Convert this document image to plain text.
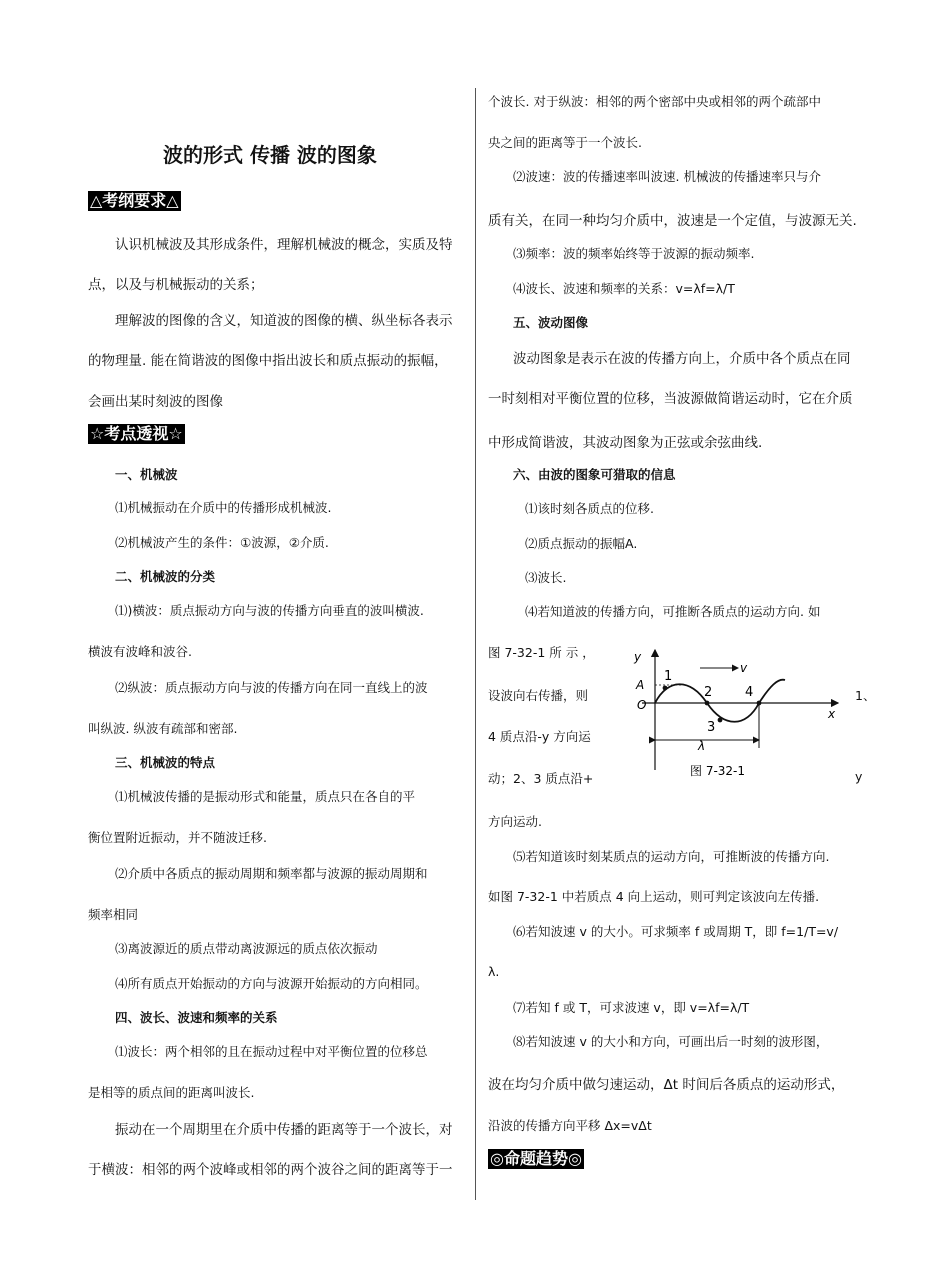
波的形式 传播 波的图象
△考纲要求△
认识机械波及其形成条件，理解机械波的概念，实质及特
点，以及与机械振动的关系；
理解波的图像的含义，知道波的图像的横、纵坐标各表示
的物理量. 能在简谐波的图像中指出波长和质点振动的振幅，
会画出某时刻波的图像
☆考点透视☆
一、机械波
⑴机械振动在介质中的传播形成机械波.
⑵机械波产生的条件：①波源，②介质.
二、机械波的分类
⑴)横波：质点振动方向与波的传播方向垂直的波叫横波.
横波有波峰和波谷.
⑵纵波：质点振动方向与波的传播方向在同一直线上的波
叫纵波. 纵波有疏部和密部.
三、机械波的特点
⑴机械波传播的是振动形式和能量，质点只在各自的平
衡位置附近振动，并不随波迁移.
⑵介质中各质点的振动周期和频率都与波源的振动周期和
频率相同
⑶离波源近的质点带动离波源远的质点依次振动
⑷所有质点开始振动的方向与波源开始振动的方向相同。
四、波长、波速和频率的关系
⑴波长：两个相邻的且在振动过程中对平衡位置的位移总
是相等的质点间的距离叫波长.
振动在一个周期里在介质中传播的距离等于一个波长，对
于横波：相邻的两个波峰或相邻的两个波谷之间的距离等于一
个波长. 对于纵波：相邻的两个密部中央或相邻的两个疏部中
央之间的距离等于一个波长.
⑵波速：波的传播速率叫波速. 机械波的传播速率只与介
质有关，在同一种均匀介质中，波速是一个定值，与波源无关.
⑶频率：波的频率始终等于波源的振动频率.
⑷波长、波速和频率的关系：v=λf=λ/T
五、波动图像
波动图象是表示在波的传播方向上，介质中各个质点在同
一时刻相对平衡位置的位移，当波源做简谐运动时，它在介质
中形成简谐波，其波动图象为正弦或余弦曲线.
六、由波的图象可猎取的信息
⑴该时刻各质点的位移.
⑵质点振动的振幅A.
⑶波长.
⑷若知道波的传播方向，可推断各质点的运动方向. 如
图 7-32-1 所 示 ，
设波向右传播，则	1、
4 质点沿-y 方向运
动；2、3 质点沿+	y
方向运动.
⑸若知道该时刻某质点的运动方向，可推断波的传播方向.
如图 7-32-1 中若质点 4 向上运动，则可判定该波向左传播.
⑹若知波速 v 的大小。可求频率 f 或周期 T，即 f=1/T=v/
λ.
⑺若知 f 或 T，可求波速 v，即 v=λf=λ/T
⑻若知波速 v 的大小和方向，可画出后一时刻的波形图，
波在均匀介质中做匀速运动，Δt 时间后各质点的运动形式，
沿波的传播方向平移 Δx=vΔt
◎命题趋势◎
y
x
A
O
v
λ
1
2
3
4
图 7-32-1
